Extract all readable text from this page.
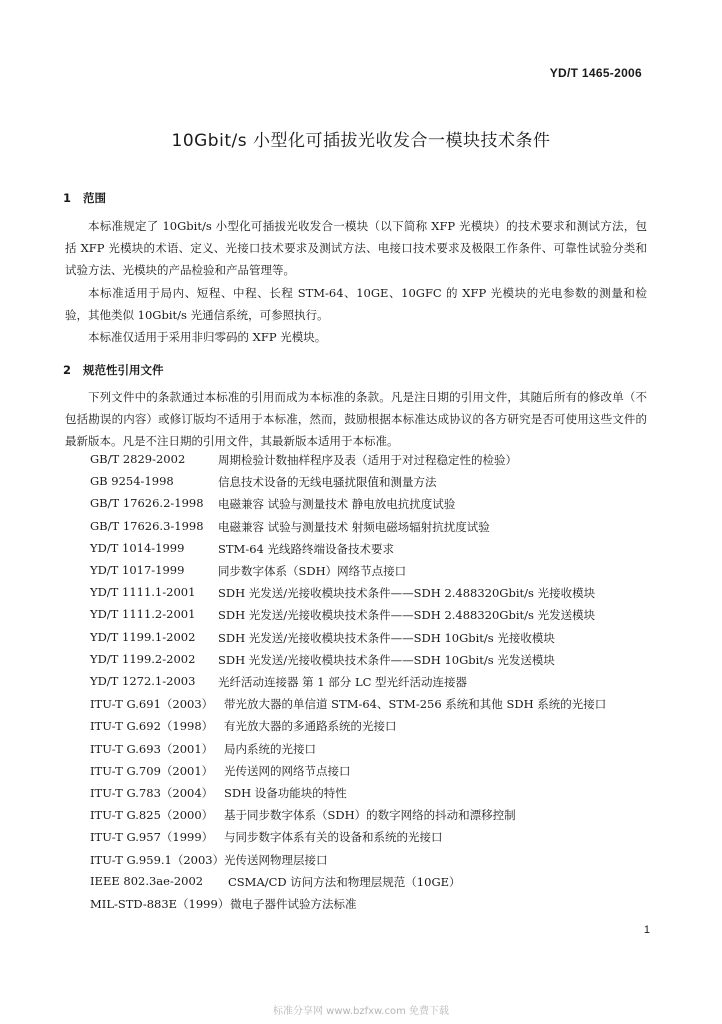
YD/T 1465-2006
10Gbit/s 小型化可插拔光收发合一模块技术条件
1 范围

本标准规定了 10Gbit/s 小型化可插拔光收发合一模块（以下简称 XFP 光模块）的技术要求和测试方法，包括 XFP 光模块的术语、定义、光接口技术要求及测试方法、电接口技术要求及极限工作条件、可靠性试验分类和试验方法、光模块的产品检验和产品管理等。

本标准适用于局内、短程、中程、长程 STM-64、10GE、10GFC 的 XFP 光模块的光电参数的测量和检验，其他类似 10Gbit/s 光通信系统，可参照执行。

本标准仅适用于采用非归零码的 XFP 光模块。

2 规范性引用文件

下列文件中的条款通过本标准的引用而成为本标准的条款。凡是注日期的引用文件，其随后所有的修改单（不包括勘误的内容）或修订版均不适用于本标准，然而，鼓励根据本标准达成协议的各方研究是否可使用这些文件的最新版本。凡是不注日期的引用文件，其最新版本适用于本标准。

GB/T 2829-2002	周期检验计数抽样程序及表（适用于对过程稳定性的检验）
GB 9254-1998	信息技术设备的无线电骚扰限值和测量方法
GB/T 17626.2-1998 电磁兼容 试验与测量技术 静电放电抗扰度试验
GB/T 17626.3-1998 电磁兼容 试验与测量技术 射频电磁场辐射抗扰度试验
YD/T 1014-1999	STM-64 光线路终端设备技术要求
YD/T 1017-1999	同步数字体系（SDH）网络节点接口
YD/T 1111.1-2001 SDH 光发送/光接收模块技术条件——SDH 2.488320Gbit/s 光接收模块
YD/T 1111.2-2001 SDH 光发送/光接收模块技术条件——SDH 2.488320Gbit/s 光发送模块
YD/T 1199.1-2002 SDH 光发送/光接收模块技术条件——SDH 10Gbit/s 光接收模块
YD/T 1199.2-2002 SDH 光发送/光接收模块技术条件——SDH 10Gbit/s 光发送模块
YD/T 1272.1-2003 光纤活动连接器 第 1 部分 LC 型光纤活动连接器
ITU-T G.691（2003） 带光放大器的单信道 STM-64、STM-256 系统和其他 SDH 系统的光接口
ITU-T G.692（1998） 有光放大器的多通路系统的光接口
ITU-T G.693（2001） 局内系统的光接口
ITU-T G.709（2001） 光传送网的网络节点接口
ITU-T G.783（2004） SDH 设备功能块的特性
ITU-T G.825（2000） 基于同步数字体系（SDH）的数字网络的抖动和漂移控制
ITU-T G.957（1999） 与同步数字体系有关的设备和系统的光接口
ITU-T G.959.1（2003） 光传送网物理层接口
IEEE 802.3ae-2002 CSMA/CD 访问方法和物理层规范（10GE）
MIL-STD-883E（1999） 微电子器件试验方法标准
1
标准分享网 www.bzfxw.com 免费下载
